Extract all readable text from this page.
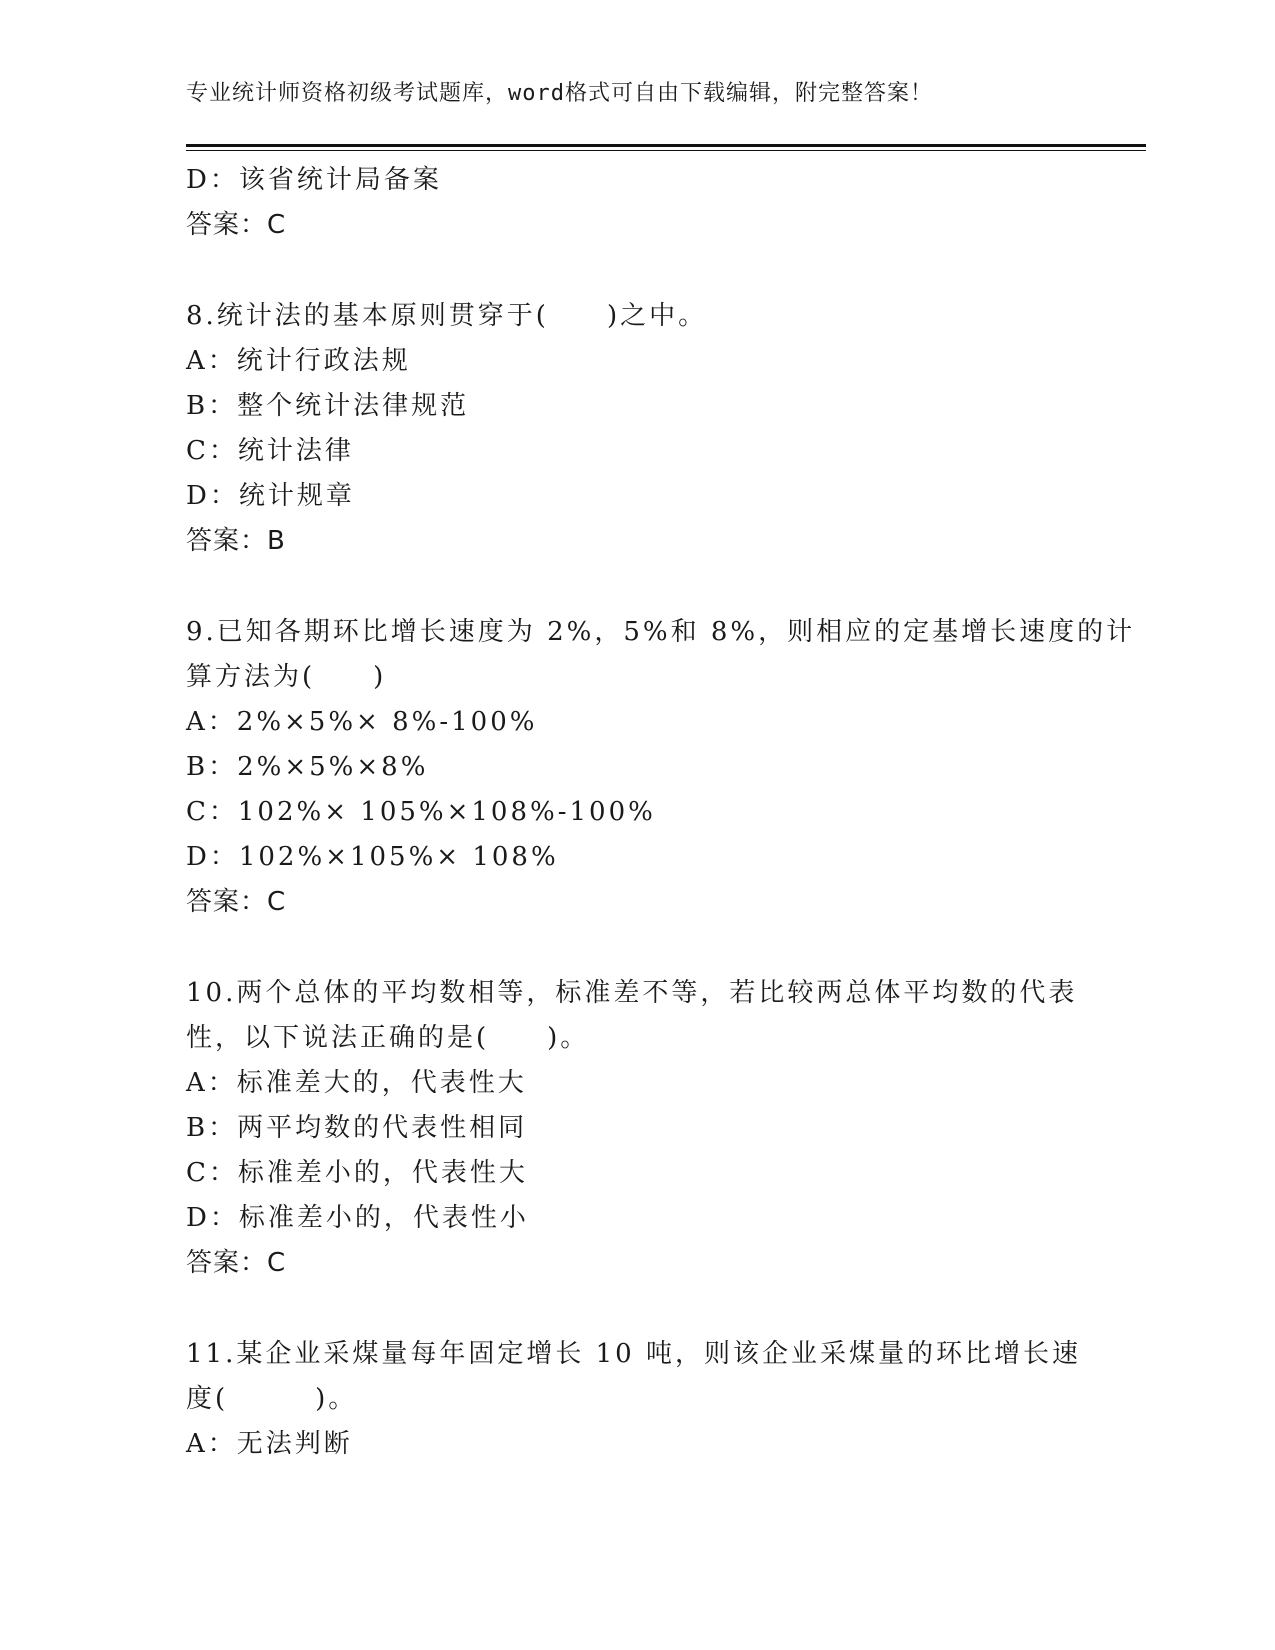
专业统计师资格初级考试题库，word格式可自由下载编辑，附完整答案！
D：该省统计局备案
答案：C
8.统计法的基本原则贯穿于(　　)之中。
A：统计行政法规
B：整个统计法律规范
C：统计法律
D：统计规章
答案：B
9.已知各期环比增长速度为 2%，5%和 8%，则相应的定基增长速度的计
算方法为(　　)
A：2%×5%× 8%-100%
B：2%×5%×8%
C：102%× 105%×108%-100%
D：102%×105%× 108%
答案：C
10.两个总体的平均数相等，标准差不等，若比较两总体平均数的代表
性，以下说法正确的是(　　)。
A：标准差大的，代表性大
B：两平均数的代表性相同
C：标准差小的，代表性大
D：标准差小的，代表性小
答案：C
11.某企业采煤量每年固定增长 10 吨，则该企业采煤量的环比增长速
度(　　　)。
A：无法判断
